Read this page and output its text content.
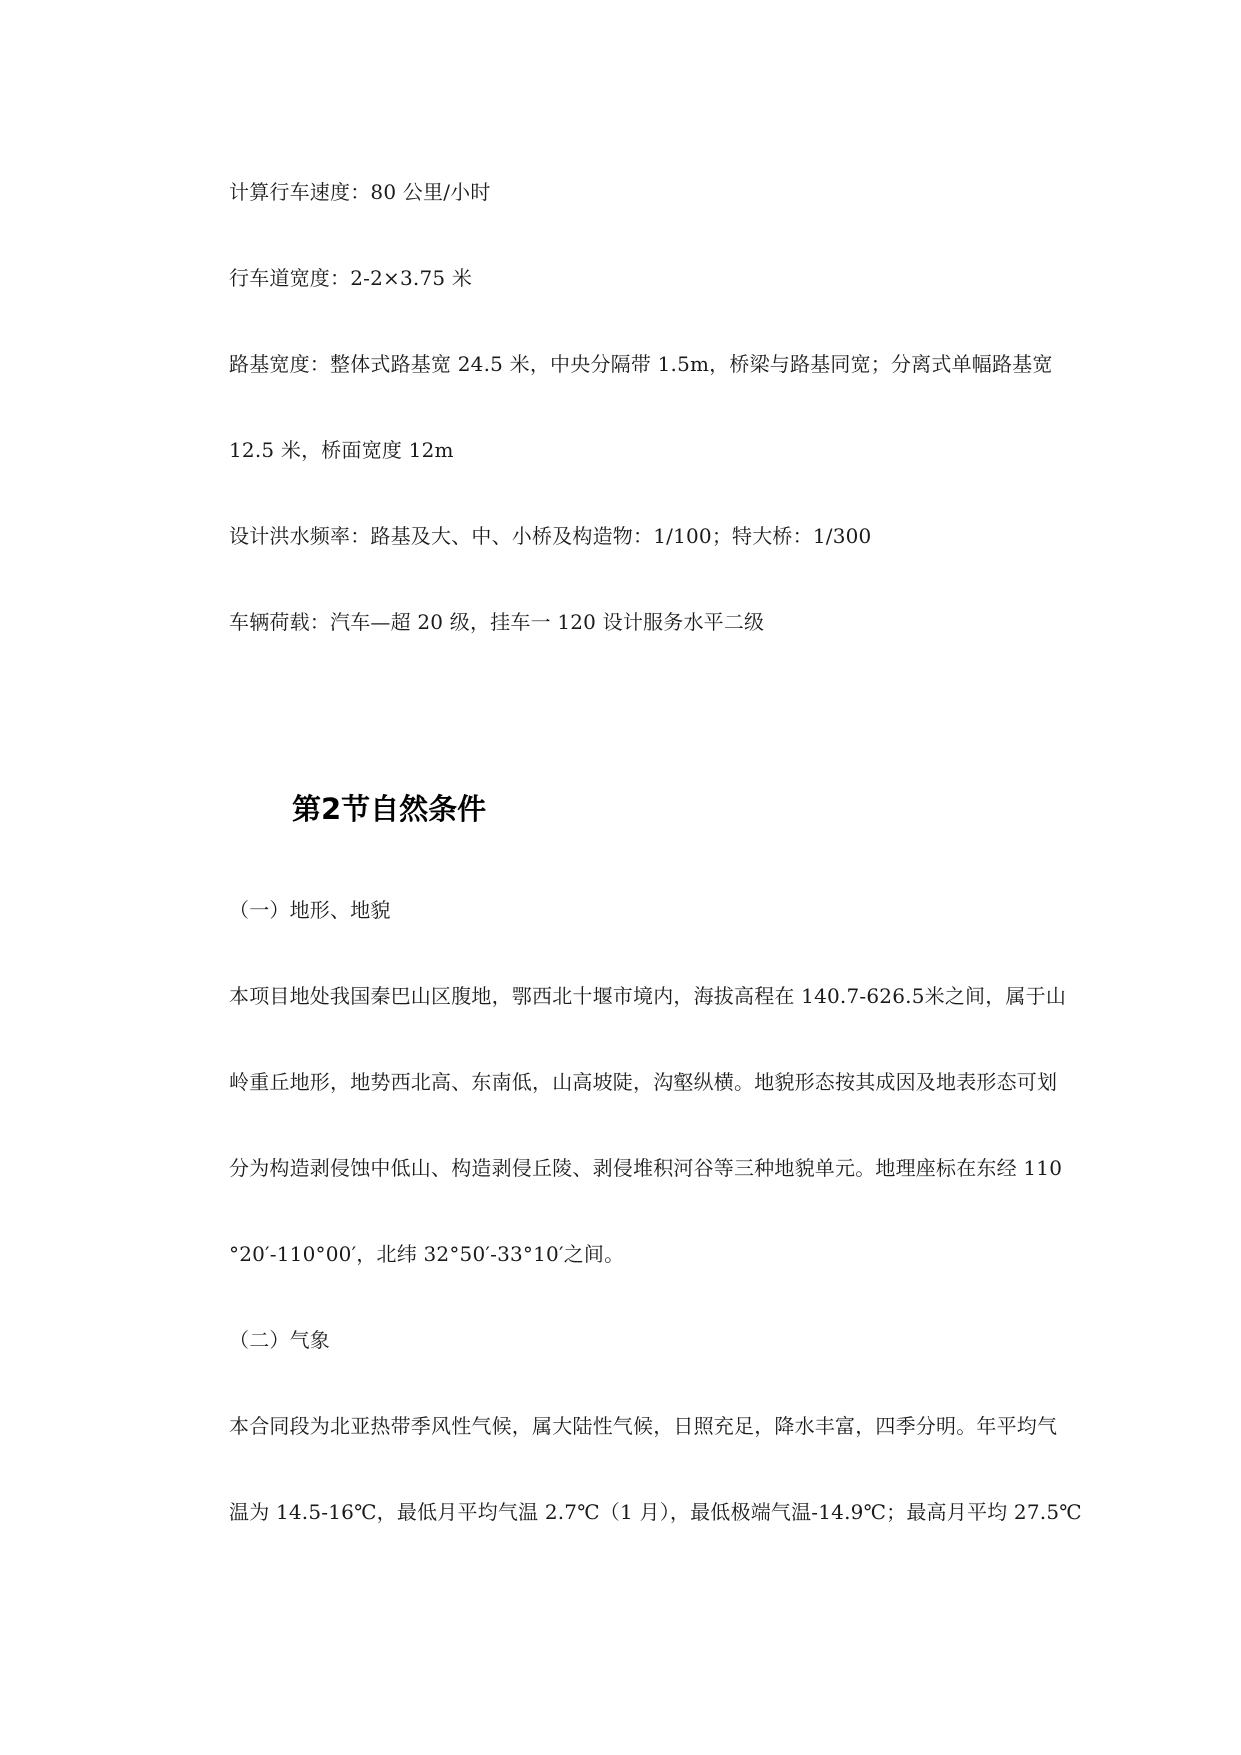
计算行车速度：80 公里/小时
行车道宽度：2-2×3.75 米
路基宽度：整体式路基宽 24.5 米，中央分隔带 1.5m，桥梁与路基同宽；分离式单幅路基宽
12.5 米，桥面宽度 12m
设计洪水频率：路基及大、中、小桥及构造物：1/100；特大桥：1/300
车辆荷载：汽车—超 20 级，挂车一 120 设计服务水平二级
第2节自然条件
（一）地形、地貌
本项目地处我国秦巴山区腹地，鄂西北十堰市境内，海拔高程在 140.7-626.5米之间，属于山
岭重丘地形，地势西北高、东南低，山高坡陡，沟壑纵横。地貌形态按其成因及地表形态可划
分为构造剥侵蚀中低山、构造剥侵丘陵、剥侵堆积河谷等三种地貌单元。地理座标在东经 110
°20′-110°00′，北纬 32°50′-33°10′之间。
（二）气象
本合同段为北亚热带季风性气候，属大陆性气候，日照充足，降水丰富，四季分明。年平均气
温为 14.5-16℃，最低月平均气温 2.7℃（1 月），最低极端气温-14.9℃；最高月平均 27.5℃
